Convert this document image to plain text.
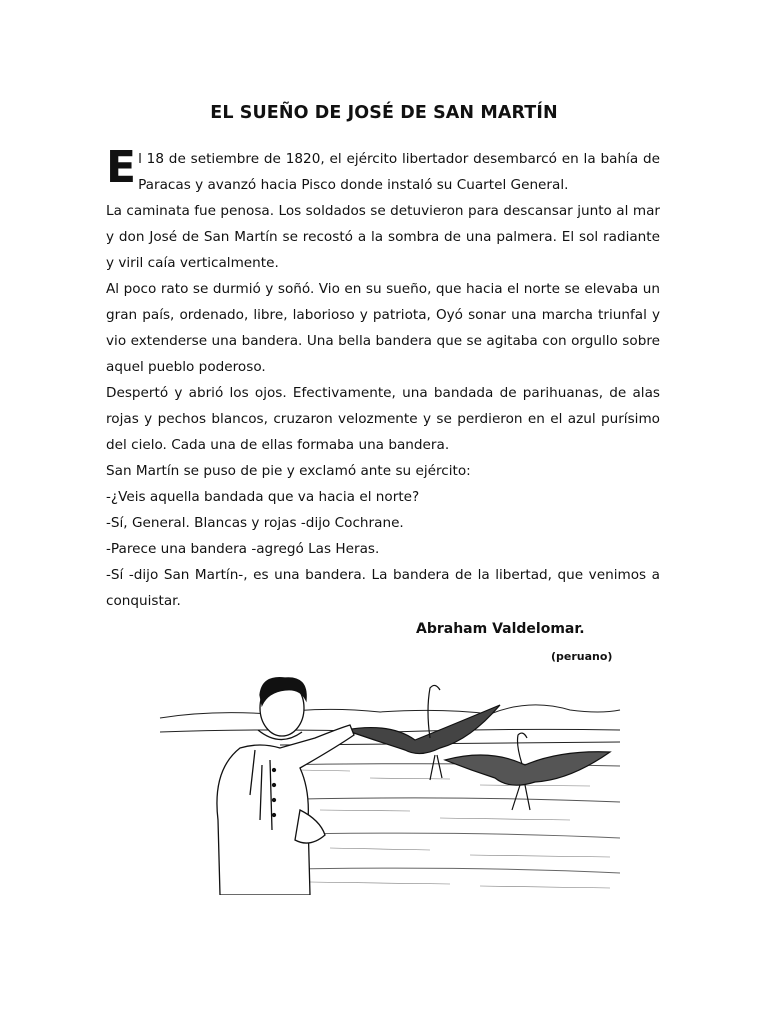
EL SUEÑO DE JOSÉ DE SAN MARTÍN

El 18 de setiembre de 1820, el ejército libertador desembarcó en la bahía de Paracas y avanzó hacia Pisco donde instaló su Cuartel General.

La caminata fue penosa. Los soldados se detuvieron para descansar junto al mar y don José de San Martín se recostó a la sombra de una palmera. El sol radiante y viril caía verticalmente.

Al poco rato se durmió y soñó. Vio en su sueño, que hacia el norte se elevaba un gran país, ordenado, libre, laborioso y patriota, Oyó sonar una marcha triunfal y vio extenderse una bandera. Una bella bandera que se agitaba con orgullo sobre aquel pueblo poderoso.

Despertó y abrió los ojos. Efectivamente, una bandada de parihuanas, de alas rojas y pechos blancos, cruzaron velozmente y se perdieron en el azul purísimo del cielo. Cada una de ellas formaba una bandera.

San Martín se puso de pie y exclamó ante su ejército:

-¿Veis aquella bandada que va hacia el norte?

-Sí, General. Blancas y rojas -dijo Cochrane.

-Parece una bandera -agregó Las Heras.

-Sí -dijo San Martín-, es una bandera. La bandera de la libertad, que venimos a conquistar.

Abraham Valdelomar.
(peruano)
